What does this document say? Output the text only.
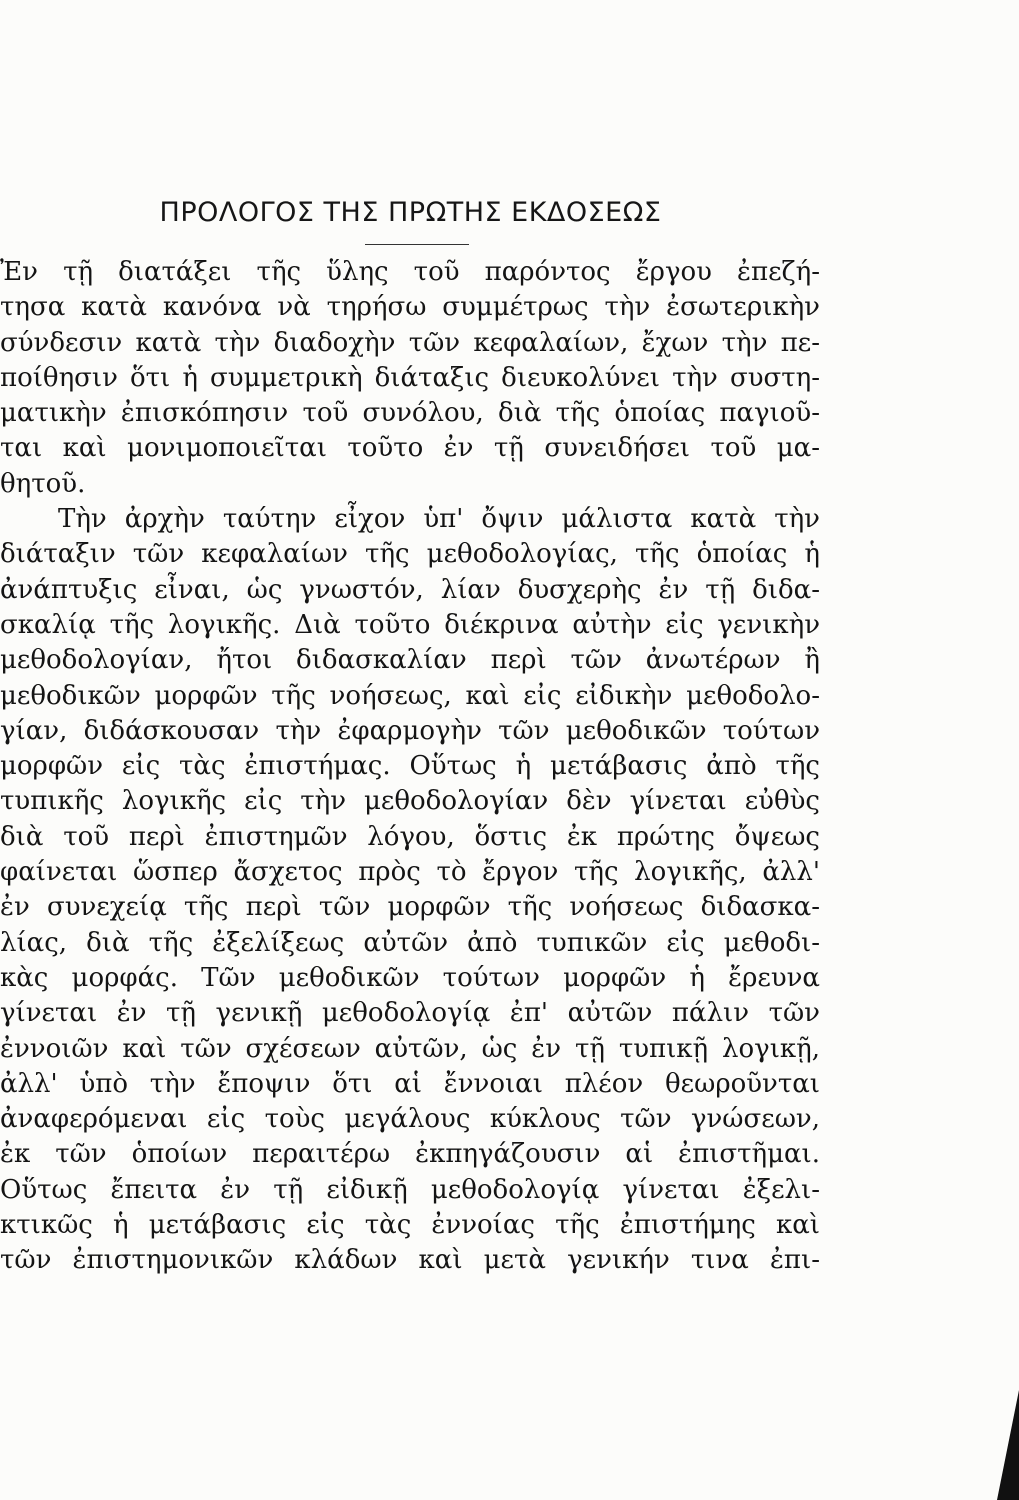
ΠΡΟΛΟΓΟΣ ΤΗΣ ΠΡΩΤΗΣ ΕΚΔΟΣΕΩΣ
Ἐν τῇ διατάξει τῆς ὕλης τοῦ παρόντος ἔργου ἐπεζή-
τησα κατὰ κανόνα νὰ τηρήσω συμμέτρως τὴν ἐσωτερικὴν
σύνδεσιν κατὰ τὴν διαδοχὴν τῶν κεφαλαίων, ἔχων τὴν πε-
ποίθησιν ὅτι ἡ συμμετρικὴ διάταξις διευκολύνει τὴν συστη-
ματικὴν ἐπισκόπησιν τοῦ συνόλου, διὰ τῆς ὁποίας παγιοῦ-
ται καὶ μονιμοποιεῖται τοῦτο ἐν τῇ συνειδήσει τοῦ μα-
θητοῦ.
Τὴν ἀρχὴν ταύτην εἶχον ὑπ' ὄψιν μάλιστα κατὰ τὴν
διάταξιν τῶν κεφαλαίων τῆς μεθοδολογίας, τῆς ὁποίας ἡ
ἀνάπτυξις εἶναι, ὡς γνωστόν, λίαν δυσχερὴς ἐν τῇ διδα-
σκαλίᾳ τῆς λογικῆς. Διὰ τοῦτο διέκρινα αὐτὴν εἰς γενικὴν
μεθοδολογίαν, ἤτοι διδασκαλίαν περὶ τῶν ἀνωτέρων ἢ
μεθοδικῶν μορφῶν τῆς νοήσεως, καὶ εἰς εἰδικὴν μεθοδολο-
γίαν, διδάσκουσαν τὴν ἐφαρμογὴν τῶν μεθοδικῶν τούτων
μορφῶν εἰς τὰς ἐπιστήμας. Οὕτως ἡ μετάβασις ἀπὸ τῆς
τυπικῆς λογικῆς εἰς τὴν μεθοδολογίαν δὲν γίνεται εὐθὺς
διὰ τοῦ περὶ ἐπιστημῶν λόγου, ὅστις ἐκ πρώτης ὄψεως
φαίνεται ὥσπερ ἄσχετος πρὸς τὸ ἔργον τῆς λογικῆς, ἀλλ'
ἐν συνεχείᾳ τῆς περὶ τῶν μορφῶν τῆς νοήσεως διδασκα-
λίας, διὰ τῆς ἐξελίξεως αὐτῶν ἀπὸ τυπικῶν εἰς μεθοδι-
κὰς μορφάς. Τῶν μεθοδικῶν τούτων μορφῶν ἡ ἔρευνα
γίνεται ἐν τῇ γενικῇ μεθοδολογίᾳ ἐπ' αὐτῶν πάλιν τῶν
ἐννοιῶν καὶ τῶν σχέσεων αὐτῶν, ὡς ἐν τῇ τυπικῇ λογικῇ,
ἀλλ' ὑπὸ τὴν ἔποψιν ὅτι αἱ ἔννοιαι πλέον θεωροῦνται
ἀναφερόμεναι εἰς τοὺς μεγάλους κύκλους τῶν γνώσεων,
ἐκ τῶν ὁποίων περαιτέρω ἐκπηγάζουσιν αἱ ἐπιστῆμαι.
Οὕτως ἔπειτα ἐν τῇ εἰδικῇ μεθοδολογίᾳ γίνεται ἐξελι-
κτικῶς ἡ μετάβασις εἰς τὰς ἐννοίας τῆς ἐπιστήμης καὶ
τῶν ἐπιστημονικῶν κλάδων καὶ μετὰ γενικήν τινα ἐπι-
